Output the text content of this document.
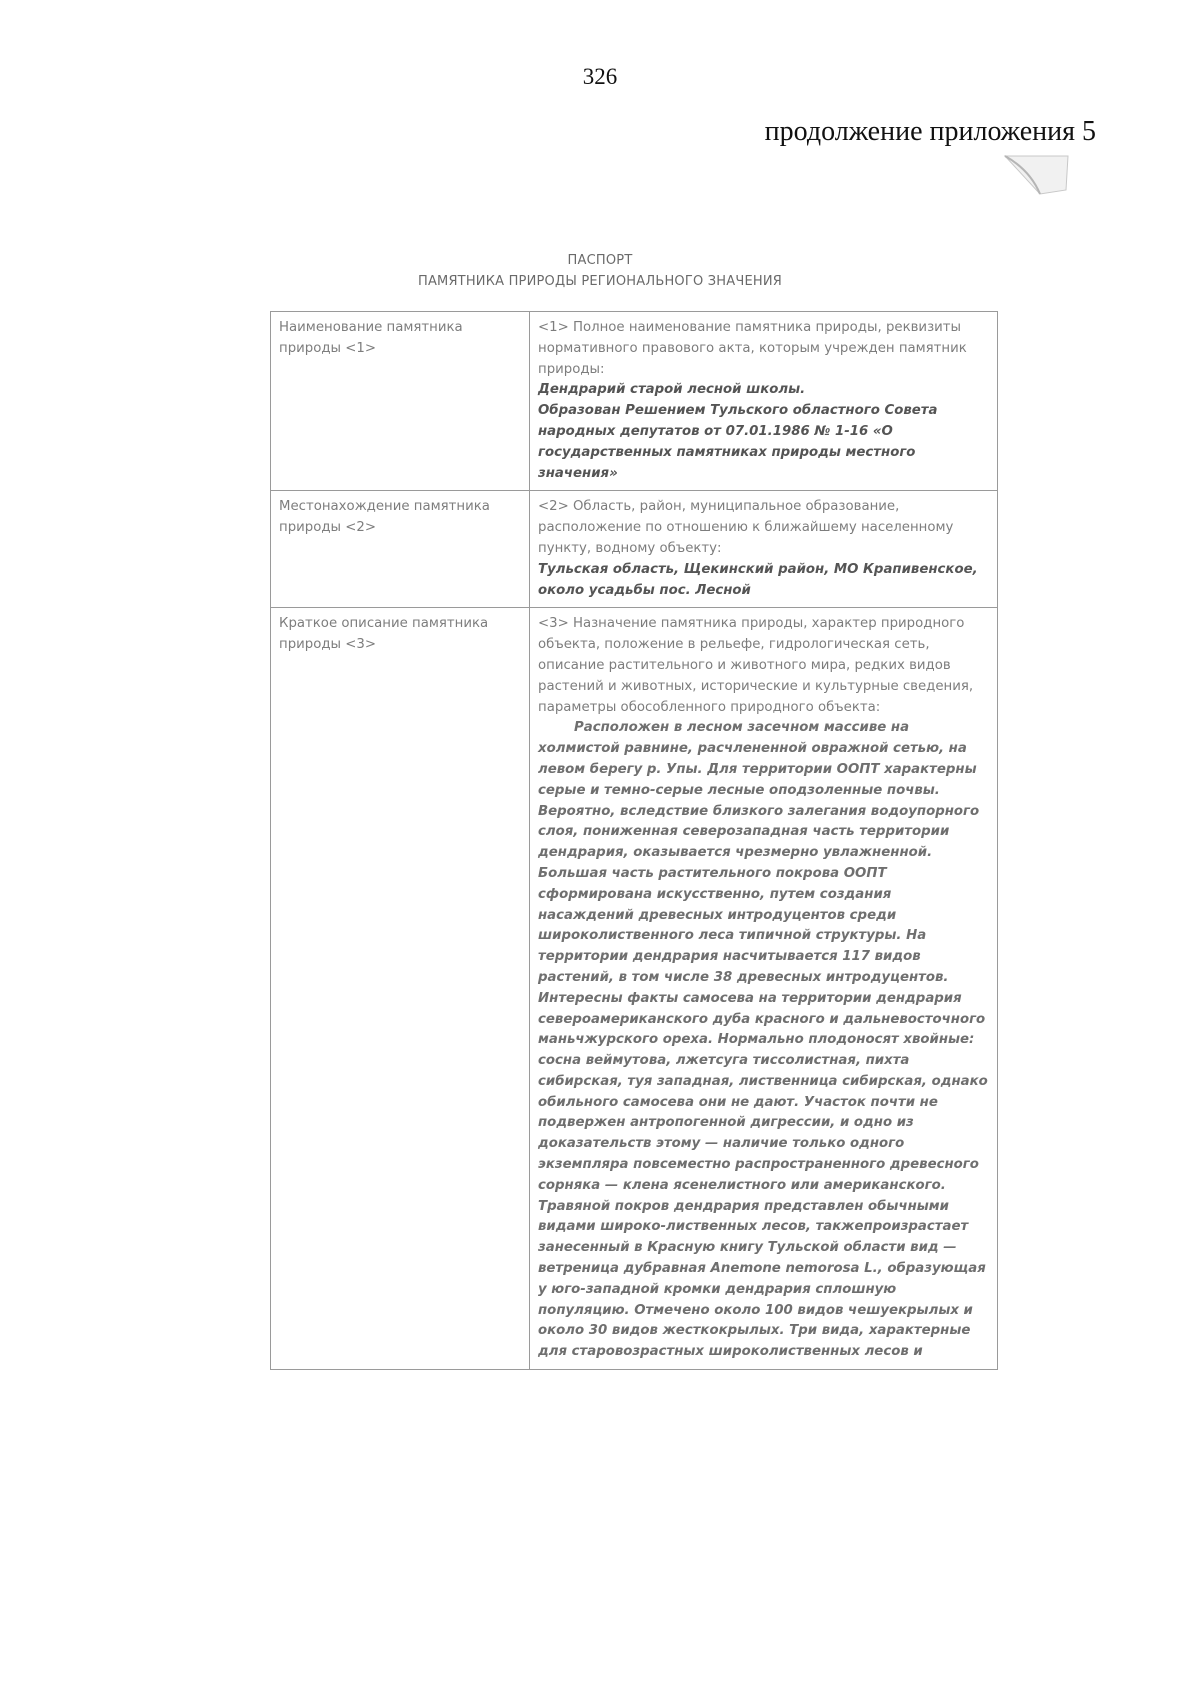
326
продолжение приложения 5
ПАСПОРТ
ПАМЯТНИКА ПРИРОДЫ РЕГИОНАЛЬНОГО ЗНАЧЕНИЯ
Наименование памятника природы <1>	<1> Полное наименование памятника природы, реквизиты нормативного правового акта, которым учрежден памятник природы:

Дендрарий старой лесной школы.

Образован Решением Тульского областного Совета народных депутатов от 07.01.1986 № 1-16 «О государственных памятниках природы местного значения»

Местонахождение памятника природы <2>	<2> Область, район, муниципальное образование, расположение по отношению к ближайшему населенному пункту, водному объекту:

Тульская область, Щекинский район, МО Крапивенское, около усадьбы пос. Лесной

Краткое описание памятника природы <3>	<3> Назначение памятника природы, характер природного объекта, положение в рельефе, гидрологическая сеть, описание растительного и животного мира, редких видов растений и животных, исторические и культурные сведения, параметры обособленного природного объекта:

Расположен в лесном засечном массиве на холмистой равнине, расчлененной овражной сетью, на левом берегу р. Упы. Для территории ООПТ характерны серые и темно-серые лесные оподзоленные почвы. Вероятно, вследствие близкого залегания водоупорного слоя, пониженная северозападная часть территории дендрария, оказывается чрезмерно увлажненной. Большая часть растительного покрова ООПТ сформирована искусственно, путем создания насаждений древесных интродуцентов среди широколиственного леса типичной структуры. На территории дендрария насчитывается 117 видов растений, в том числе 38 древесных интродуцентов. Интересны факты самосева на территории дендрария североамериканского дуба красного и дальневосточного маньчжурского ореха. Нормально плодоносят хвойные: сосна веймутова, лжетсуга тиссолистная, пихта сибирская, туя западная, лиственница сибирская, однако обильного самосева они не дают. Участок почти не подвержен антропогенной дигрессии, и одно из доказательств этому — наличие только одного экземпляра повсеместно распространенного древесного сорняка — клена ясенелистного или американского. Травяной покров дендрария представлен обычными видами широко-лиственных лесов, такжепроизрастает занесенный в Красную книгу Тульской области вид — ветреница дубравная Anemone nemorosa L., образующая у юго-западной кромки дендрария сплошную популяцию. Отмечено около 100 видов чешуекрылых и около 30 видов жесткокрылых. Три вида, характерные для старовозрастных широколиственных лесов и
